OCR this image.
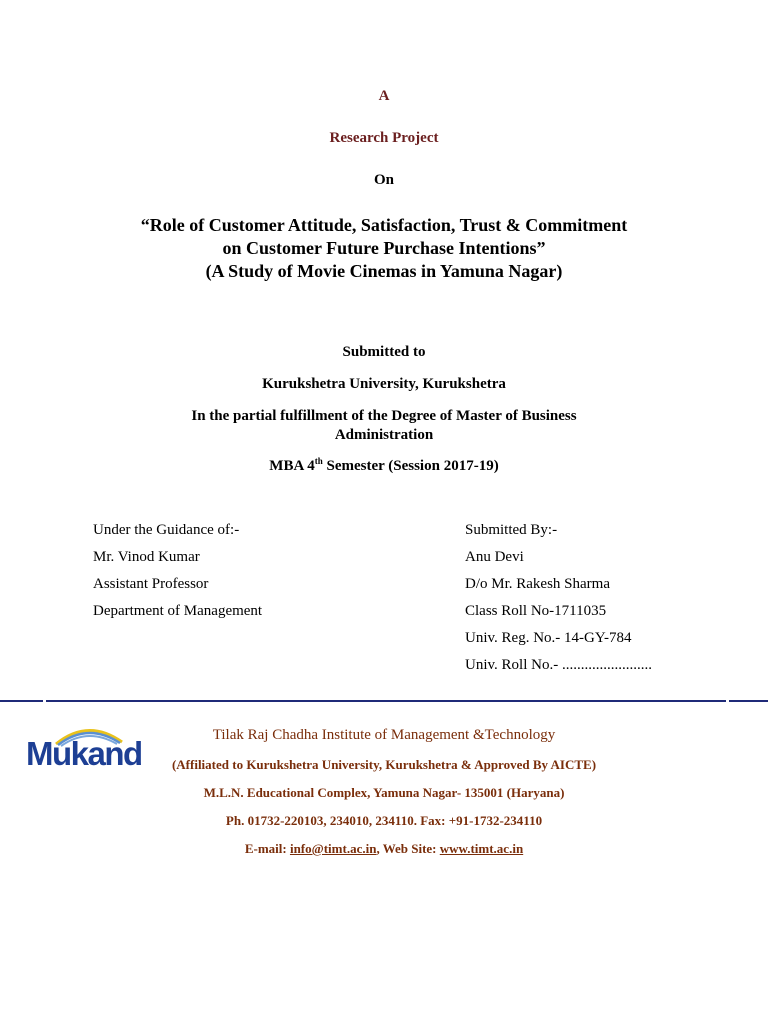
A
Research Project
On
“Role of Customer Attitude, Satisfaction, Trust & Commitment
on Customer Future Purchase Intentions”
(A Study of Movie Cinemas in Yamuna Nagar)
Submitted to
Kurukshetra University, Kurukshetra
In the partial fulfillment of the Degree of Master of Business
Administration
MBA 4th Semester (Session 2017-19)
Under the Guidance of:-
Mr. Vinod Kumar
Assistant Professor
Department of Management
Submitted By:-
Anu Devi
D/o Mr. Rakesh Sharma
Class Roll No-1711035
Univ. Reg. No.- 14-GY-784
Univ. Roll No.- ........................
Mukand	Tilak Raj Chadha Institute of Management &Technology
(Affiliated to Kurukshetra University, Kurukshetra & Approved By AICTE)
M.L.N. Educational Complex, Yamuna Nagar- 135001 (Haryana)
Ph. 01732-220103, 234010, 234110. Fax: +91-1732-234110
E-mail: info@timt.ac.in, Web Site: www.timt.ac.in
